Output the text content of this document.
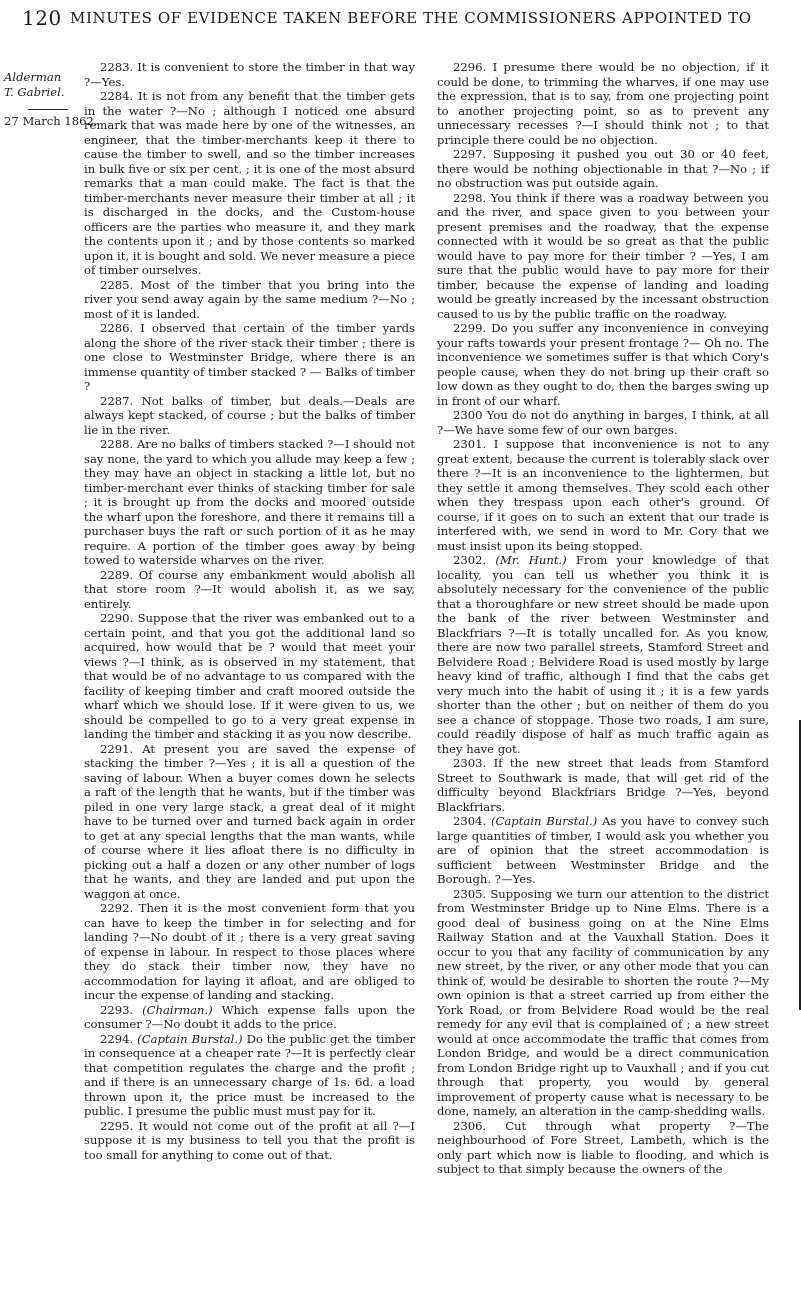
120 MINUTES OF EVIDENCE TAKEN BEFORE THE COMMISSIONERS APPOINTED TO
Alderman
T. Gabriel.
27 March 1862.

2283. It is convenient to store the timber in that way ?—Yes.

2284. It is not from any benefit that the timber gets in the water ?—No ; although I noticed one absurd remark that was made here by one of the witnesses, an engineer, that the timber-merchants keep it there to cause the timber to swell, and so the timber increases in bulk five or six per cent. ; it is one of the most absurd remarks that a man could make. The fact is that the timber-merchants never measure their timber at all ; it is discharged in the docks, and the Custom-house officers are the parties who measure it, and they mark the contents upon it ; and by those contents so marked upon it, it is bought and sold. We never measure a piece of timber ourselves.

2285. Most of the timber that you bring into the river you send away again by the same medium ?—No ; most of it is landed.

2286. I observed that certain of the timber yards along the shore of the river stack their timber ; there is one close to Westminster Bridge, where there is an immense quantity of timber stacked ? — Balks of timber ?

2287. Not balks of timber, but deals.—Deals are always kept stacked, of course ; but the balks of timber lie in the river.

2288. Are no balks of timbers stacked ?—I should not say none, the yard to which you allude may keep a few ; they may have an object in stacking a little lot, but no timber-merchant ever thinks of stacking timber for sale ; it is brought up from the docks and moored outside the wharf upon the foreshore, and there it remains till a purchaser buys the raft or such portion of it as he may require. A portion of the timber goes away by being towed to waterside wharves on the river.

2289. Of course any embankment would abolish all that store room ?—It would abolish it, as we say, entirely.

2290. Suppose that the river was embanked out to a certain point, and that you got the additional land so acquired, how would that be ? would that meet your views ?—I think, as is observed in my statement, that that would be of no advantage to us compared with the facility of keeping timber and craft moored outside the wharf which we should lose. If it were given to us, we should be compelled to go to a very great expense in landing the timber and stacking it as you now describe.

2291. At present you are saved the expense of stacking the timber ?—Yes ; it is all a question of the saving of labour. When a buyer comes down he selects a raft of the length that he wants, but if the timber was piled in one very large stack, a great deal of it might have to be turned over and turned back again in order to get at any special lengths that the man wants, while of course where it lies afloat there is no difficulty in picking out a half a dozen or any other number of logs that he wants, and they are landed and put upon the waggon at once.

2292. Then it is the most convenient form that you can have to keep the timber in for selecting and for landing ?—No doubt of it ; there is a very great saving of expense in labour. In respect to those places where they do stack their timber now, they have no accommodation for laying it afloat, and are obliged to incur the expense of landing and stacking.

2293. (Chairman.) Which expense falls upon the consumer ?—No doubt it adds to the price.

2294. (Captain Burstal.) Do the public get the timber in consequence at a cheaper rate ?—It is perfectly clear that competition regulates the charge and the profit ; and if there is an unnecessary charge of 1s. 6d. a load thrown upon it, the price must be increased to the public. I presume the public must must pay for it.

2295. It would not come out of the profit at all ?—I suppose it is my business to tell you that the profit is too small for anything to come out of that.

2296. I presume there would be no objection, if it could be done, to trimming the wharves, if one may use the expression, that is to say, from one projecting point to another projecting point, so as to prevent any unnecessary recesses ?—I should think not ; to that principle there could be no objection.

2297. Supposing it pushed you out 30 or 40 feet, there would be nothing objectionable in that ?—No ; if no obstruction was put outside again.

2298. You think if there was a roadway between you and the river, and space given to you between your present premises and the roadway, that the expense connected with it would be so great as that the public would have to pay more for their timber ? —Yes, I am sure that the public would have to pay more for their timber, because the expense of landing and loading would be greatly increased by the incessant obstruction caused to us by the public traffic on the roadway.

2299. Do you suffer any inconvenience in conveying your rafts towards your present frontage ?— Oh no. The inconvenience we sometimes suffer is that which Cory's people cause, when they do not bring up their craft so low down as they ought to do, then the barges swing up in front of our wharf.

2300 You do not do anything in barges, I think, at all ?—We have some few of our own barges.

2301. I suppose that inconvenience is not to any great extent, because the current is tolerably slack over there ?—It is an inconvenience to the lightermen, but they settle it among themselves. They scold each other when they trespass upon each other's ground. Of course, if it goes on to such an extent that our trade is interfered with, we send in word to Mr. Cory that we must insist upon its being stopped.

2302. (Mr. Hunt.) From your knowledge of that locality, you can tell us whether you think it is absolutely necessary for the convenience of the public that a thoroughfare or new street should be made upon the bank of the river between Westminster and Blackfriars ?—It is totally uncalled for. As you know, there are now two parallel streets, Stamford Street and Belvidere Road ; Belvidere Road is used mostly by large heavy kind of traffic, although I find that the cabs get very much into the habit of using it ; it is a few yards shorter than the other ; but on neither of them do you see a chance of stoppage. Those two roads, I am sure, could readily dispose of half as much traffic again as they have got.

2303. If the new street that leads from Stamford Street to Southwark is made, that will get rid of the difficulty beyond Blackfriars Bridge ?—Yes, beyond Blackfriars.

2304. (Captain Burstal.) As you have to convey such large quantities of timber, I would ask you whether you are of opinion that the street accommodation is sufficient between Westminster Bridge and the Borough. ?—Yes.

2305. Supposing we turn our attention to the district from Westminster Bridge up to Nine Elms. There is a good deal of business going on at the Nine Elms Railway Station and at the Vauxhall Station. Does it occur to you that any facility of communication by any new street, by the river, or any other mode that you can think of, would be desirable to shorten the route ?—My own opinion is that a street carried up from either the York Road, or from Belvidere Road would be the real remedy for any evil that is complained of ; a new street would at once accommodate the traffic that comes from London Bridge, and would be a direct communication from London Bridge right up to Vauxhall ; and if you cut through that property, you would by general improvement of property cause what is necessary to be done, namely, an alteration in the camp-shedding walls.

2306. Cut through what property ?—The neighbourhood of Fore Street, Lambeth, which is the only part which now is liable to flooding, and which is subject to that simply because the owners of the
